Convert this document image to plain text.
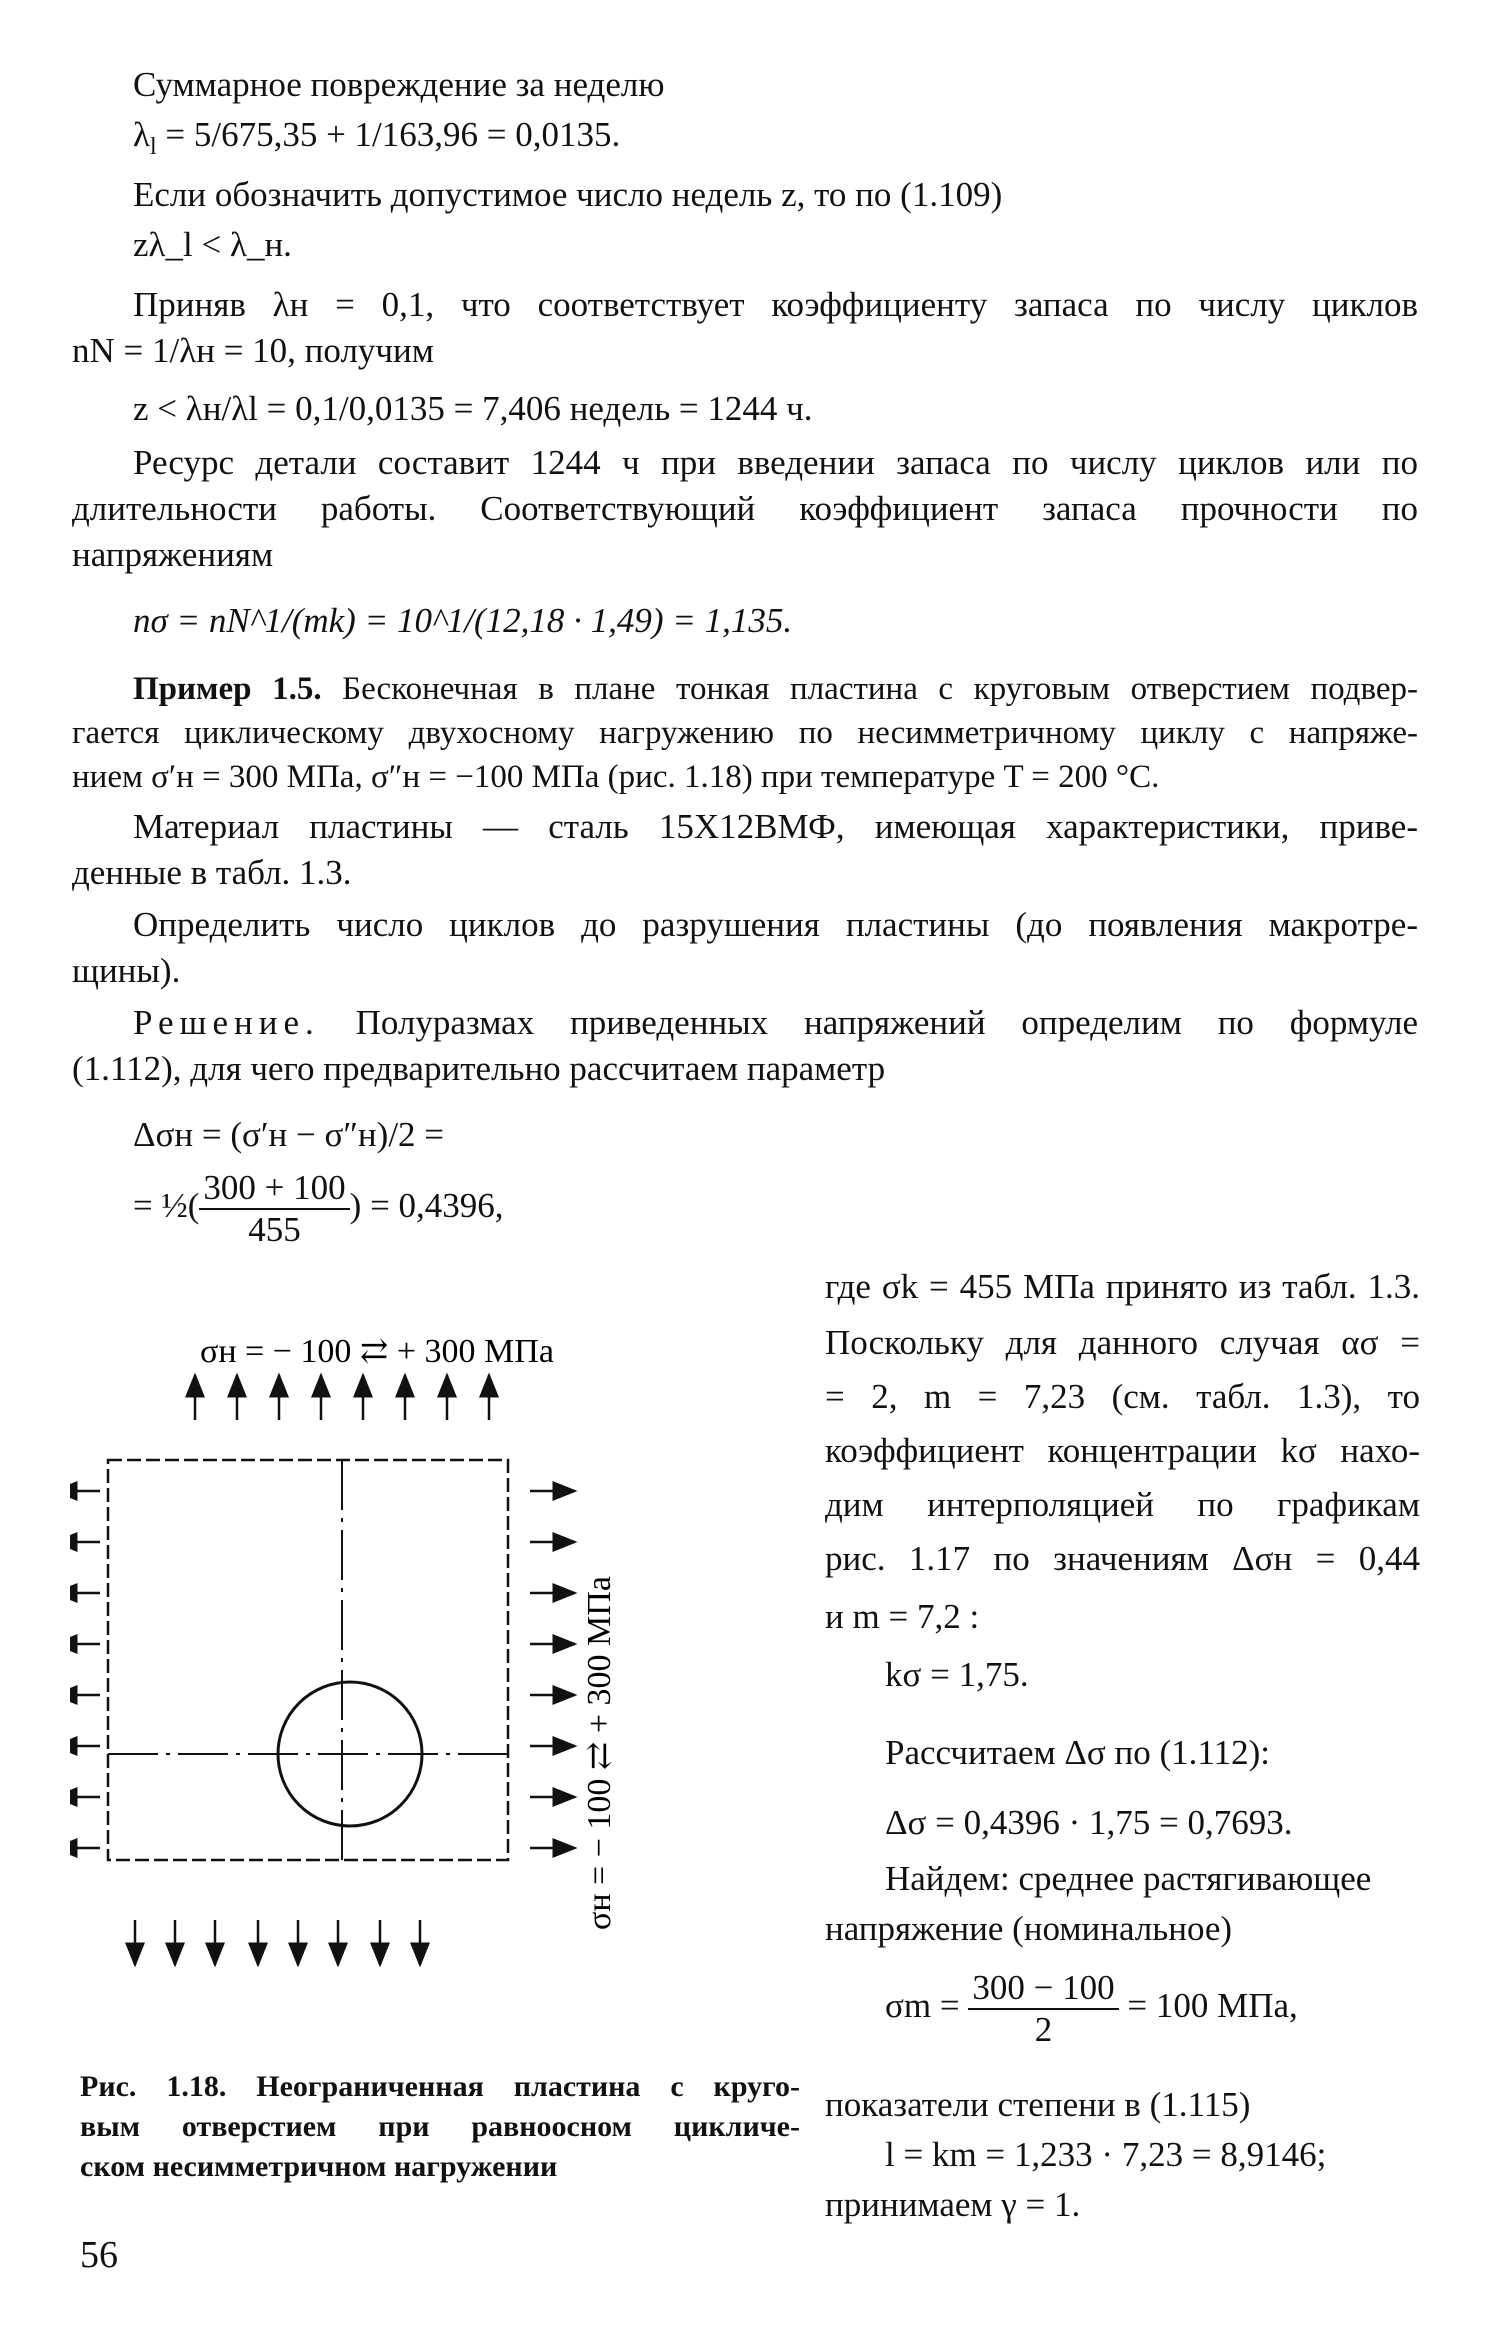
Суммарное повреждение за неделю
$\lambda_l = 5/675,35 + 1/163,96 = 0,0135$.
Если обозначить допустимое число недель z, то по (1.109)
zλ_l < λ_н.
Приняв λн = 0,1, что соответствует коэффициенту запаса по числу циклов
nN = 1/λн = 10, получим
z < λн/λl = 0,1/0,0135 = 7,406 недель = 1244 ч.
Ресурс детали составит 1244 ч при введении запаса по числу циклов или по
длительности работы. Соответствующий коэффициент запаса прочности по
напряжениям
nσ = nN^1/(mk) = 10^1/(12,18 · 1,49) = 1,135.
Пример 1.5. Бесконечная в плане тонкая пластина с круговым отверстием подвер-
гается циклическому двухосному нагружению по несимметричному циклу с напряже-
нием σ′н = 300 МПа, σ″н = −100 МПа (рис. 1.18) при температуре T = 200 °C.
Материал пластины — сталь 15Х12ВМФ, имеющая характеристики, приве-
денные в табл. 1.3.
Определить число циклов до разрушения пластины (до появления макротре-
щины).
Решение. Полуразмах приведенных напряжений определим по формуле
(1.112), для чего предварительно рассчитаем параметр
Δσн = (σ′н − σ″н)/2 =
= ½( $\frac{300 + 100}{455}$ ) = 0,4396,
σн = − 100 ⇄ + 300 МПа
σн = − 100 ⇄ + 300 МПа
Рис. 1.18. Неограниченная пластина с круго-
вым отверстием при равноосном цикличе-
ском несимметричном нагружении
где σk = 455 МПа принято из табл. 1.3.
Поскольку для данного случая ασ =
= 2, m = 7,23 (см. табл. 1.3), то
коэффициент концентрации kσ нахо-
дим интерполяцией по графикам
рис. 1.17 по значениям Δσн = 0,44
и m = 7,2 :
kσ = 1,75.
Рассчитаем Δσ по (1.112):
Δσ = 0,4396 · 1,75 = 0,7693.
Найдем: среднее растягивающее
напряжение (номинальное)
$\sigma m = \frac{300 - 100}{2} = 100$ МПа,
показатели степени в (1.115)
l = km = 1,233 · 7,23 = 8,9146;
принимаем γ = 1.
56
